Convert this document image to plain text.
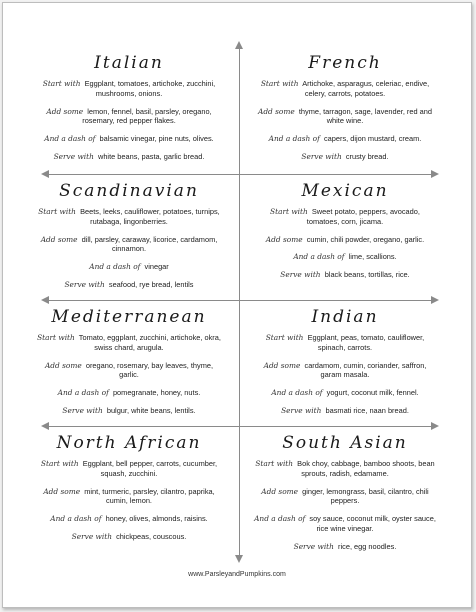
Italian
Start with Eggplant, tomatoes, artichoke, zucchini, mushrooms, onions.
Add some lemon, fennel, basil, parsley, oregano, rosemary, red pepper flakes.
And a dash of balsamic vinegar, pine nuts, olives.
Serve with white beans, pasta, garlic bread.
French
Start with Artichoke, asparagus, celeriac, endive, celery, carrots, potatoes.
Add some thyme, tarragon, sage, lavender, red and white wine.
And a dash of capers, dijon mustard, cream.
Serve with crusty bread.
Scandinavian
Start with Beets, leeks, cauliflower, potatoes, turnips, rutabaga, lingonberries.
Add some dill, parsley, caraway, licorice, cardamom, cinnamon.
And a dash of vinegar
Serve with seafood, rye bread, lentils
Mexican
Start with Sweet potato, peppers, avocado, tomatoes, corn, jicama.
Add some cumin, chili powder, oregano, garlic.
And a dash of lime, scallions.
Serve with black beans, tortillas, rice.
Mediterranean
Start with Tomato, eggplant, zucchini, artichoke, okra, swiss chard, arugula.
Add some oregano, rosemary, bay leaves, thyme, garlic.
And a dash of pomegranate, honey, nuts.
Serve with bulgur, white beans, lentils.
Indian
Start with Eggplant, peas, tomato, cauliflower, spinach, carrots.
Add some cardamom, cumin, coriander, saffron, garam masala.
And a dash of yogurt, coconut milk, fennel.
Serve with basmati rice, naan bread.
North African
Start with Eggplant, bell pepper, carrots, cucumber, squash, zucchini.
Add some mint, turmeric, parsley, cilantro, paprika, cumin, lemon.
And a dash of honey, olives, almonds, raisins.
Serve with chickpeas, couscous.
South Asian
Start with Bok choy, cabbage, bamboo shoots, bean sprouts, radish, edamame.
Add some ginger, lemongrass, basil, cilantro, chili peppers.
And a dash of soy sauce, coconut milk, oyster sauce, rice wine vinegar.
Serve with rice, egg noodles.
www.ParsleyandPumpkins.com
